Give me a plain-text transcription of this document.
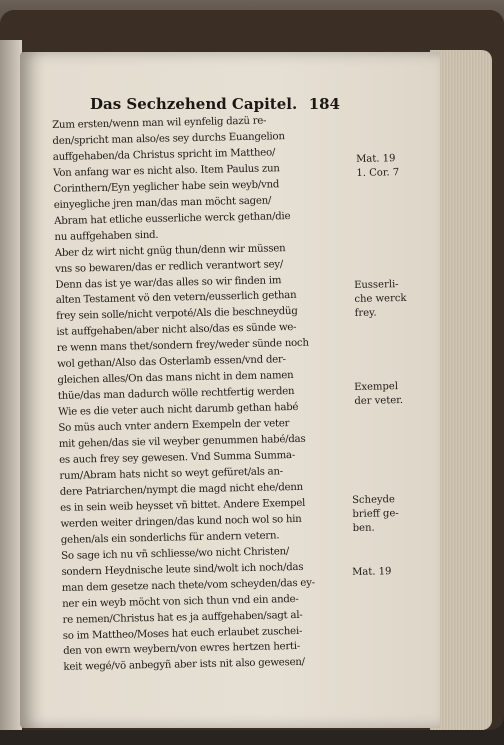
Das Sechzehend Capitel. 184
Zum ersten/wenn man wil eynfelig dazü re-
den/spricht man also/es sey durchs Euangelion
auffgehaben/da Christus spricht im Mattheo/
Von anfang war es nicht also. Item Paulus zun
Corinthern/Eyn yeglicher habe sein weyb/vnd
einyegliche jren man/das man möcht sagen/
Abram hat etliche eusserliche werck gethan/die
nu auffgehaben sind.
Aber dz wirt nicht gnüg thun/denn wir müssen
vns so bewaren/das er redlich verantwort sey/
Denn das ist ye war/das alles so wir finden im
alten Testament vö den vetern/eusserlich gethan
frey sein solle/nicht verpoté/Als die beschneydüg
ist auffgehaben/aber nicht also/das es sünde we-
re wenn mans thet/sondern frey/weder sünde noch
wol gethan/Also das Osterlamb essen/vnd der-
gleichen alles/On das mans nicht in dem namen
thüe/das man dadurch wölle rechtfertig werden
Wie es die veter auch nicht darumb gethan habé
So müs auch vnter andern Exempeln der veter
mit gehen/das sie vil weyber genummen habé/das
es auch frey sey gewesen. Vnd Summa Summa-
rum/Abram hats nicht so weyt gefüret/als an-
dere Patriarchen/nympt die magd nicht ehe/denn
es in sein weib heysset vñ bittet. Andere Exempel
werden weiter dringen/das kund noch wol so hin
gehen/als ein sonderlichs für andern vetern.
So sage ich nu vñ schliesse/wo nicht Christen/
sondern Heydnische leute sind/wolt ich noch/das
man dem gesetze nach thete/vom scheyden/das ey-
ner ein weyb möcht von sich thun vnd ein ande-
re nemen/Christus hat es ja auffgehaben/sagt al-
so im Mattheo/Moses hat euch erlaubet zuschei-
den von ewrn weybern/von ewres hertzen herti-
keit wegé/vö anbegyñ aber ists nit also gewesen/
Mat. 19
1. Cor. 7
Eusserli-
che werck
frey.
Exempel
der veter.
Scheyde
brieff ge-
ben.
Mat. 19
